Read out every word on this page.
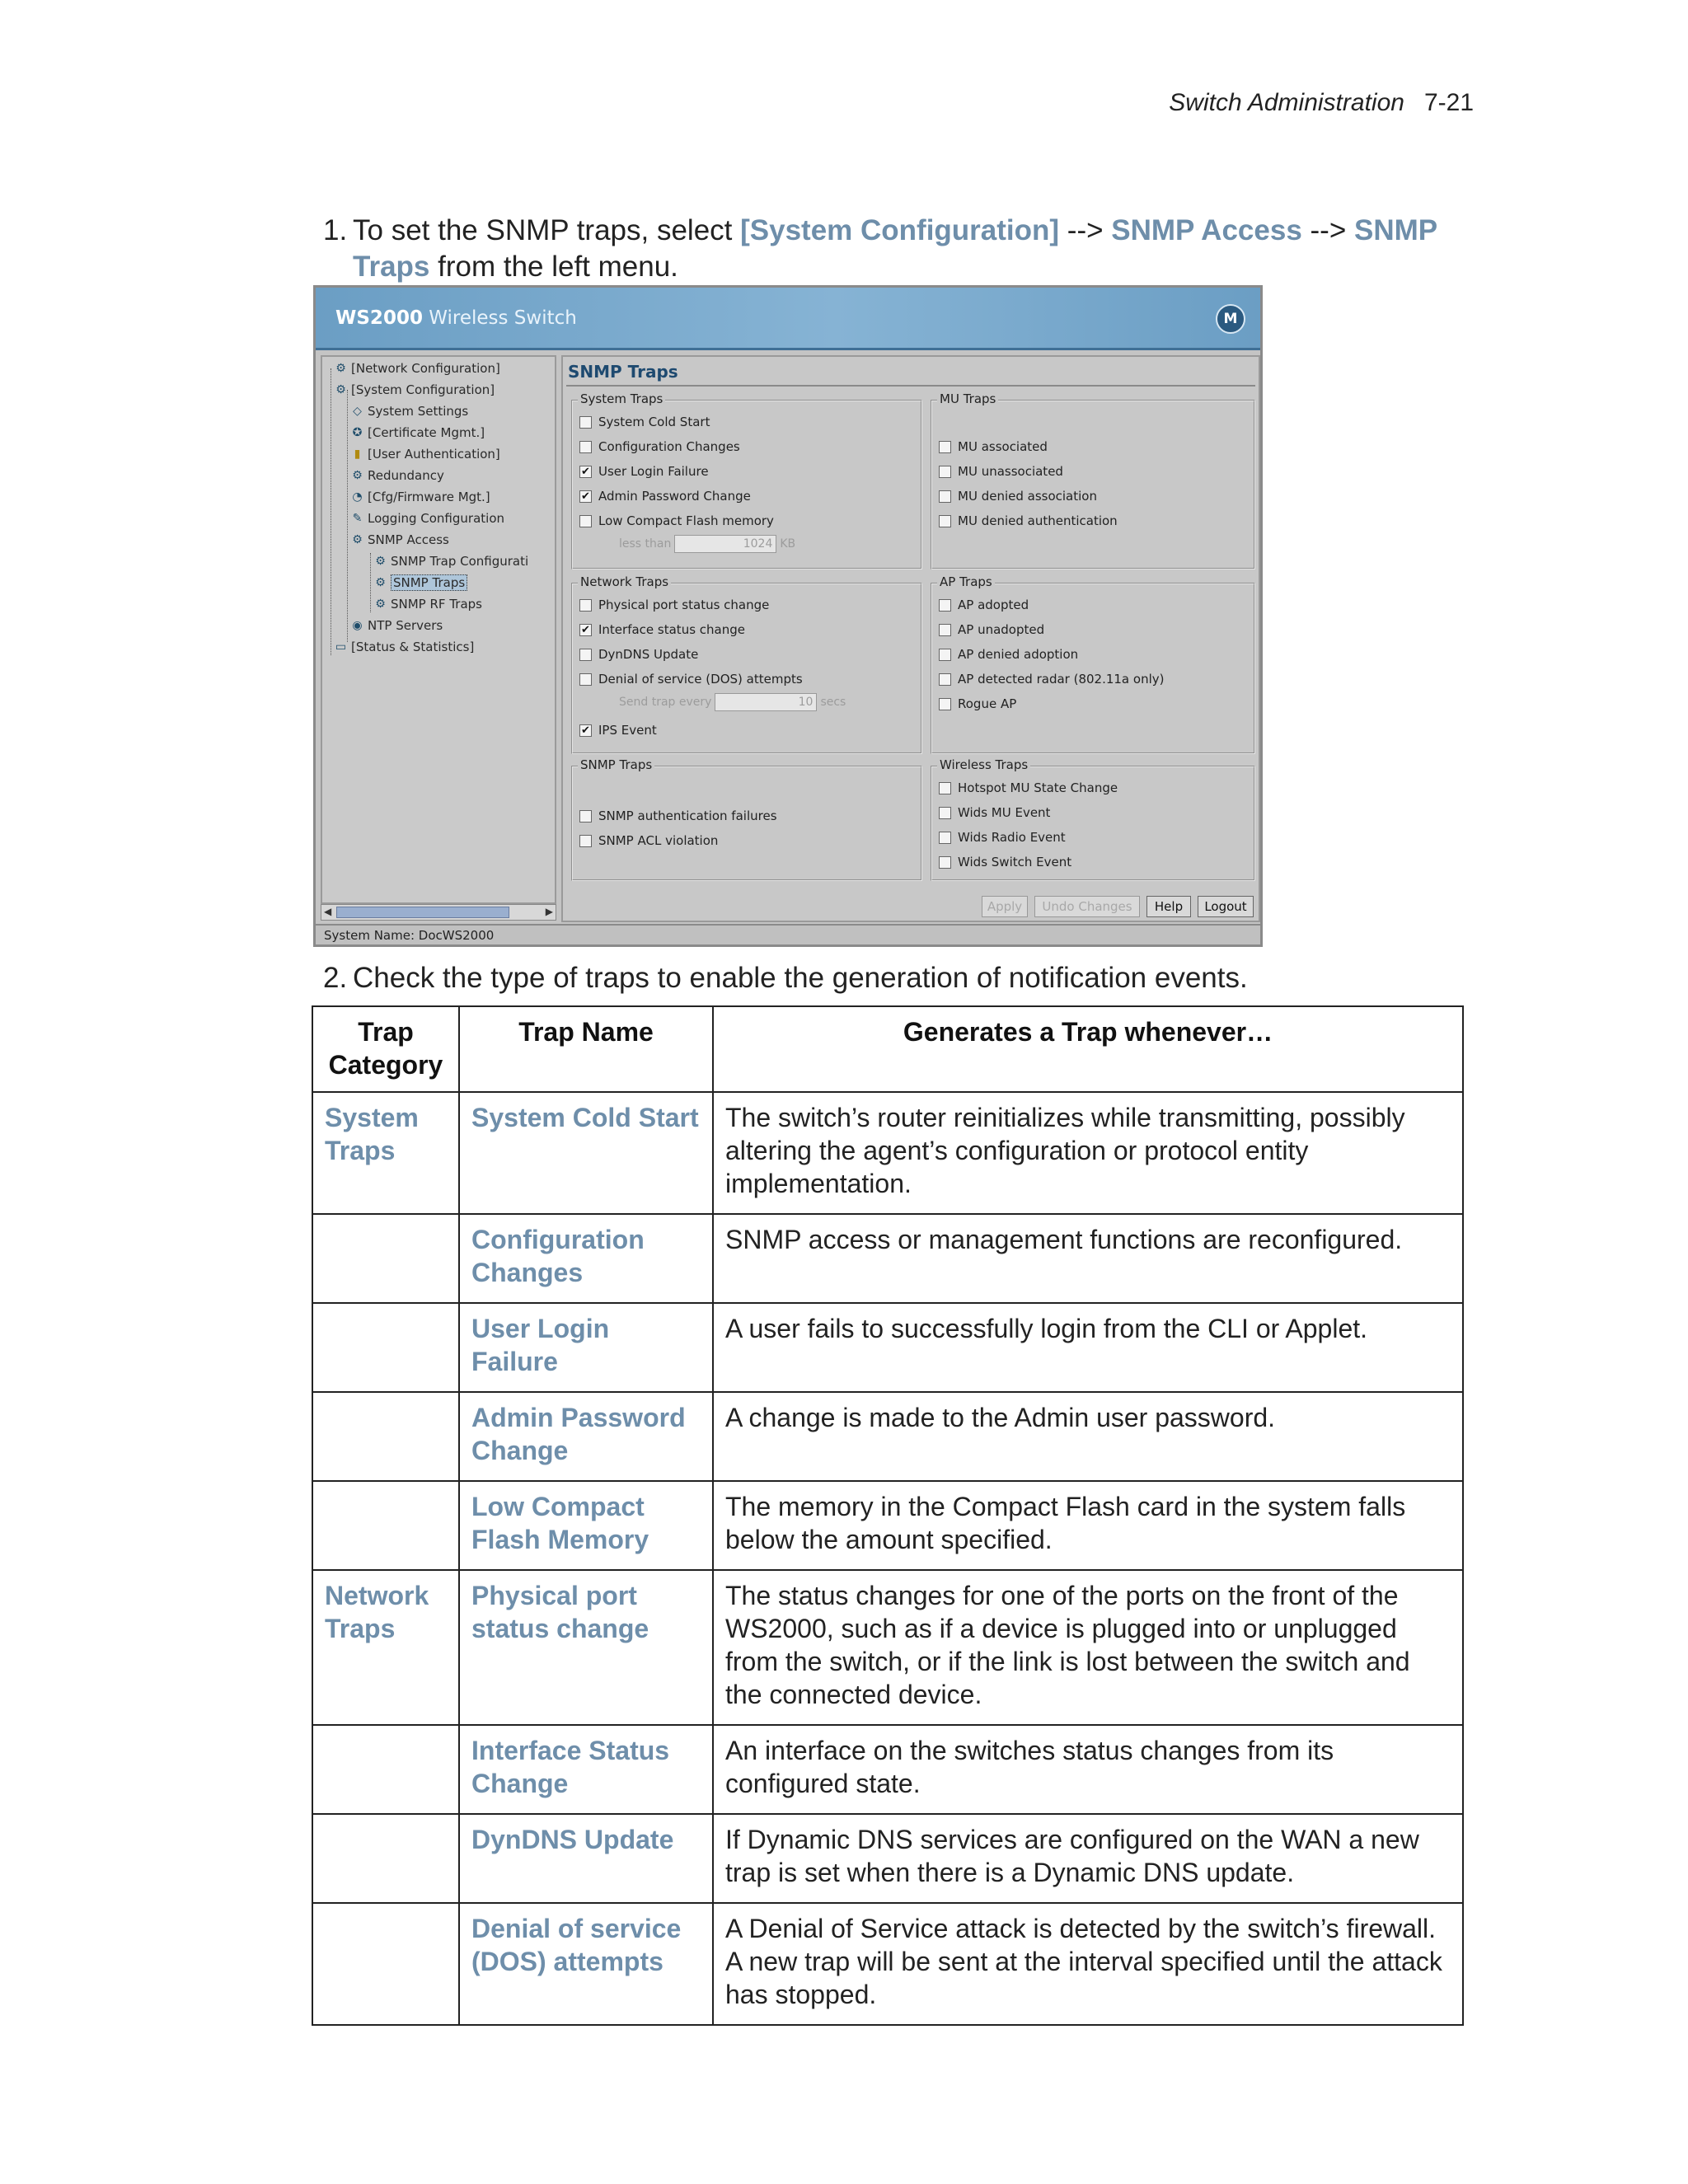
Switch Administration 7-21
1. To set the SNMP traps, select [System Configuration] --> SNMP Access --> SNMP Traps from the left menu.
WS2000 Wireless Switch	M
⚙ [Network Configuration]
⚙ [System Configuration]
◇ System Settings
✪ [Certificate Mgmt.]
▮ [User Authentication]
⚙ Redundancy
◔ [Cfg/Firmware Mgt.]
✎ Logging Configuration
⚙ SNMP Access
⚙ SNMP Trap Configurati
⚙ SNMP Traps
⚙ SNMP RF Traps
◉ NTP Servers
▭ [Status & Statistics]
◀	▶
SNMP Traps
System Traps
System Cold Start
Configuration Changes
✔ User Login Failure
✔ Admin Password Change
Low Compact Flash memory
less than	1024 KB
MU Traps
MU associated
MU unassociated
MU denied association
MU denied authentication
Network Traps
Physical port status change
✔ Interface status change
DynDNS Update
Denial of service (DOS) attempts
Send trap every	10 secs
✔ IPS Event
AP Traps
AP adopted
AP unadopted
AP denied adoption
AP detected radar (802.11a only)
Rogue AP
SNMP Traps
SNMP authentication failures
SNMP ACL violation
Wireless Traps
Hotspot MU State Change
Wids MU Event
Wids Radio Event
Wids Switch Event
Apply	Undo Changes	Help	Logout
System Name: DocWS2000
2. Check the type of traps to enable the generation of notification events.
Trap Category	Trap Name	Generates a Trap whenever…
System Traps	System Cold Start	The switch’s router reinitializes while transmitting, possibly altering the agent’s configuration or protocol entity implementation.
	Configuration Changes	SNMP access or management functions are reconfigured.
	User Login Failure	A user fails to successfully login from the CLI or Applet.
	Admin Password Change	A change is made to the Admin user password.
	Low Compact Flash Memory	The memory in the Compact Flash card in the system falls below the amount specified.
Network Traps	Physical port status change	The status changes for one of the ports on the front of the WS2000, such as if a device is plugged into or unplugged from the switch, or if the link is lost between the switch and the connected device.
	Interface Status Change	An interface on the switches status changes from its configured state.
	DynDNS Update	If Dynamic DNS services are configured on the WAN a new trap is set when there is a Dynamic DNS update.
	Denial of service (DOS) attempts	A Denial of Service attack is detected by the switch’s firewall. A new trap will be sent at the interval specified until the attack has stopped.
